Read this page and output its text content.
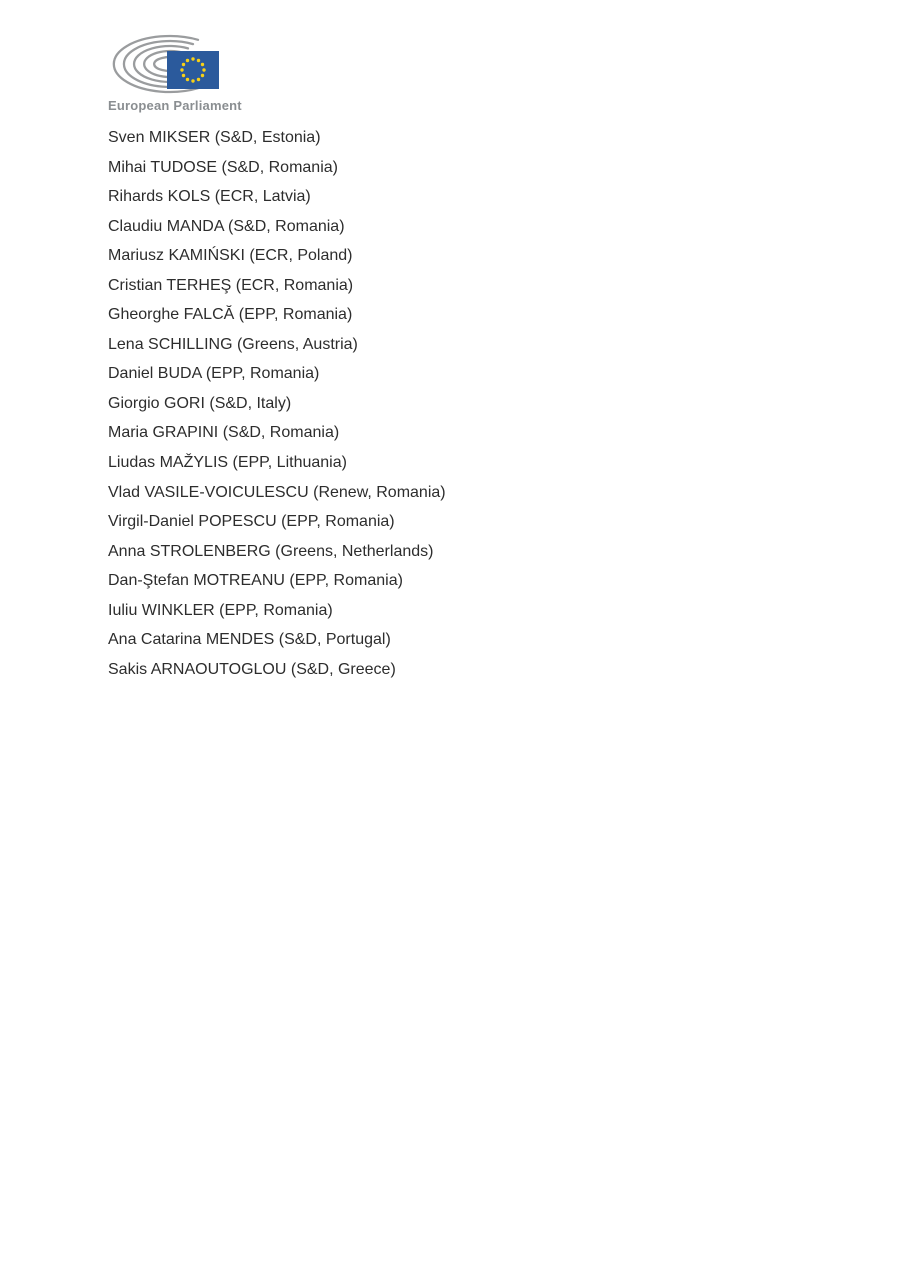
European Parliament
Sven MIKSER (S&D, Estonia)
Mihai TUDOSE (S&D, Romania)
Rihards KOLS (ECR, Latvia)
Claudiu MANDA (S&D, Romania)
Mariusz KAMIŃSKI (ECR, Poland)
Cristian TERHEŞ (ECR, Romania)
Gheorghe FALCĂ (EPP, Romania)
Lena SCHILLING (Greens, Austria)
Daniel BUDA (EPP, Romania)
Giorgio GORI (S&D, Italy)
Maria GRAPINI (S&D, Romania)
Liudas MAŽYLIS (EPP, Lithuania)
Vlad VASILE-VOICULESCU (Renew, Romania)
Virgil-Daniel POPESCU (EPP, Romania)
Anna STROLENBERG (Greens, Netherlands)
Dan-Ştefan MOTREANU (EPP, Romania)
Iuliu WINKLER (EPP, Romania)
Ana Catarina MENDES (S&D, Portugal)
Sakis ARNAOUTOGLOU (S&D, Greece)
